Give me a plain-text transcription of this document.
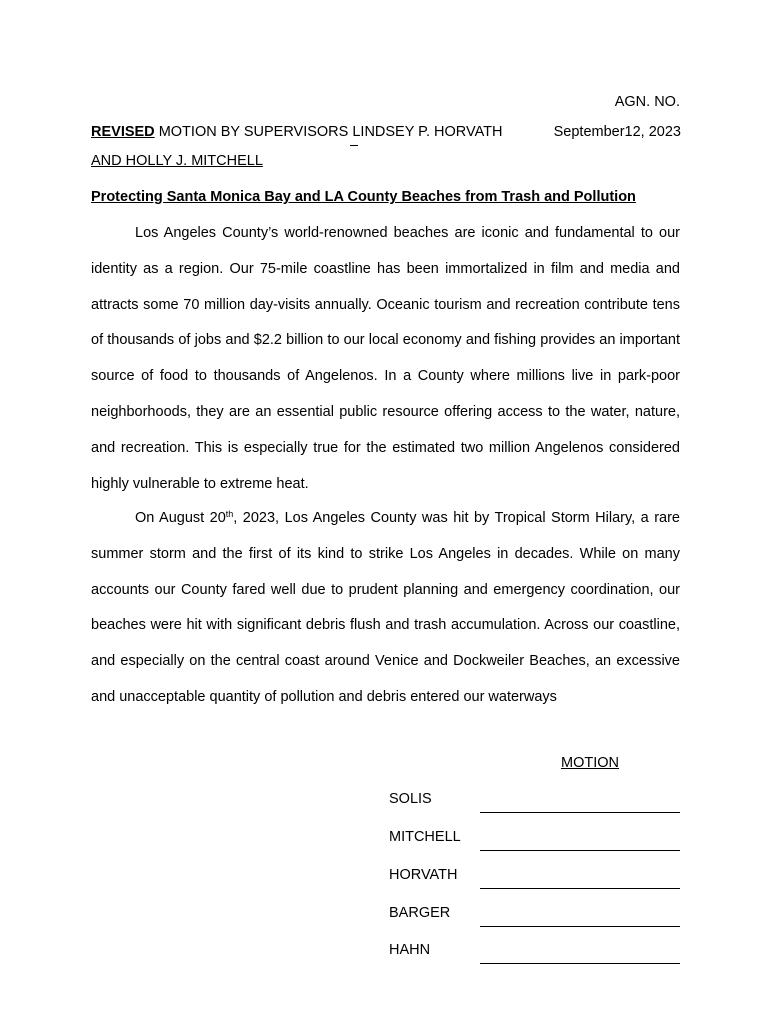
AGN. NO.
REVISED MOTION BY SUPERVISORS LINDSEY P. HORVATH	September12, 2023
AND HOLLY J. MITCHELL
Protecting Santa Monica Bay and LA County Beaches from Trash and Pollution

Los Angeles County’s world-renowned beaches are iconic and fundamental to our identity as a region. Our 75-mile coastline has been immortalized in film and media and attracts some 70 million day-visits annually. Oceanic tourism and recreation contribute tens of thousands of jobs and $2.2 billion to our local economy and fishing provides an important source of food to thousands of Angelenos. In a County where millions live in park-poor neighborhoods, they are an essential public resource offering access to the water, nature, and recreation. This is especially true for the estimated two million Angelenos considered highly vulnerable to extreme heat.

On August 20th, 2023, Los Angeles County was hit by Tropical Storm Hilary, a rare summer storm and the first of its kind to strike Los Angeles in decades. While on many accounts our County fared well due to prudent planning and emergency coordination, our beaches were hit with significant debris flush and trash accumulation. Across our coastline, and especially on the central coast around Venice and Dockweiler Beaches, an excessive and unacceptable quantity of pollution and debris entered our waterways

MOTION
SOLIS
MITCHELL
HORVATH
BARGER
HAHN
